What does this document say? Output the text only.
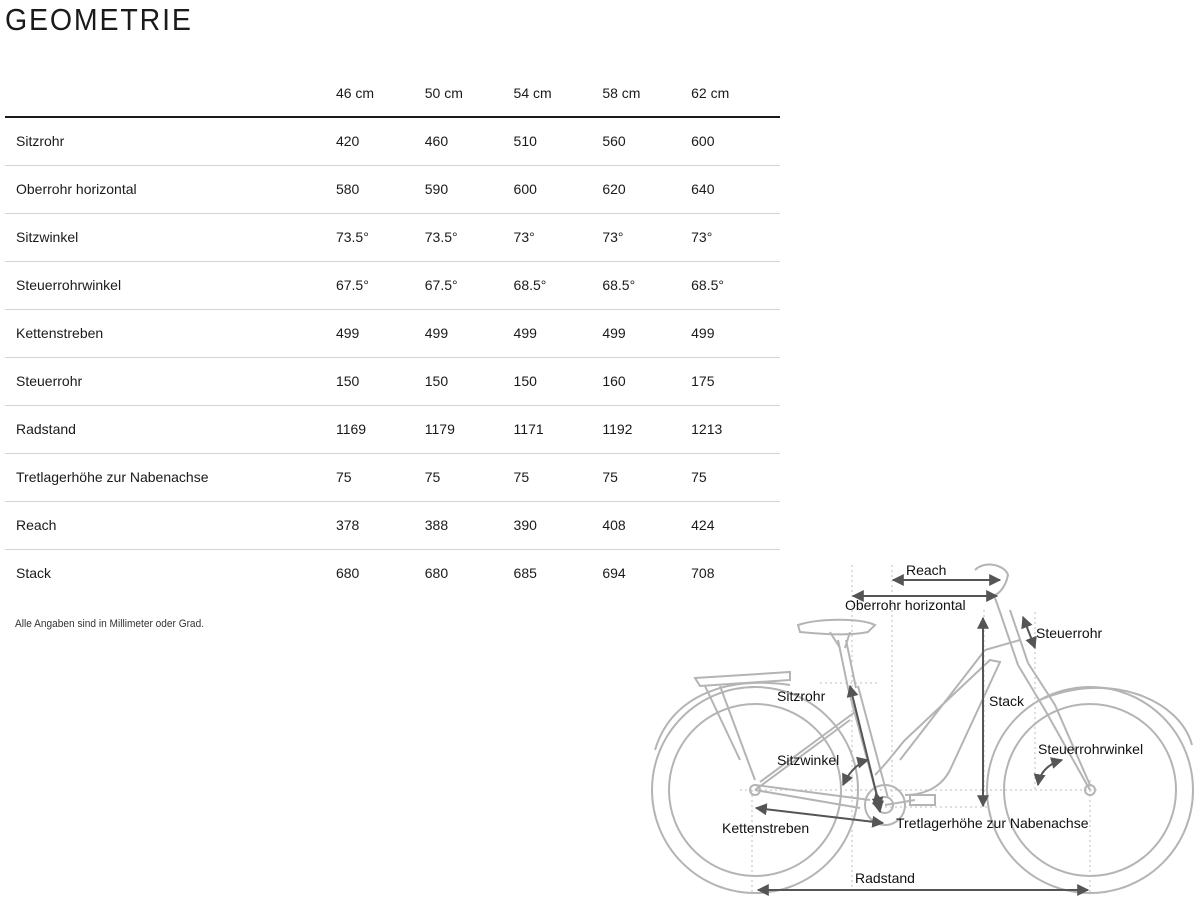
GEOMETRIE
	46 cm	50 cm	54 cm	58 cm	62 cm
Sitzrohr	420	460	510	560	600
Oberrohr horizontal	580	590	600	620	640
Sitzwinkel	73.5°	73.5°	73°	73°	73°
Steuerrohrwinkel	67.5°	67.5°	68.5°	68.5°	68.5°
Kettenstreben	499	499	499	499	499
Steuerrohr	150	150	150	160	175
Radstand	1169	1179	1171	1192	1213
Tretlagerhöhe zur Nabenachse	75	75	75	75	75
Reach	378	388	390	408	424
Stack	680	680	685	694	708
Alle Angaben sind in Millimeter oder Grad.
Reach
Oberrohr horizontal
Steuerrohr
Sitzrohr	Stack
Sitzwinkel
Steuerrohrwinkel
Kettenstreben	Tretlagerhöhe zur Nabenachse
Radstand
